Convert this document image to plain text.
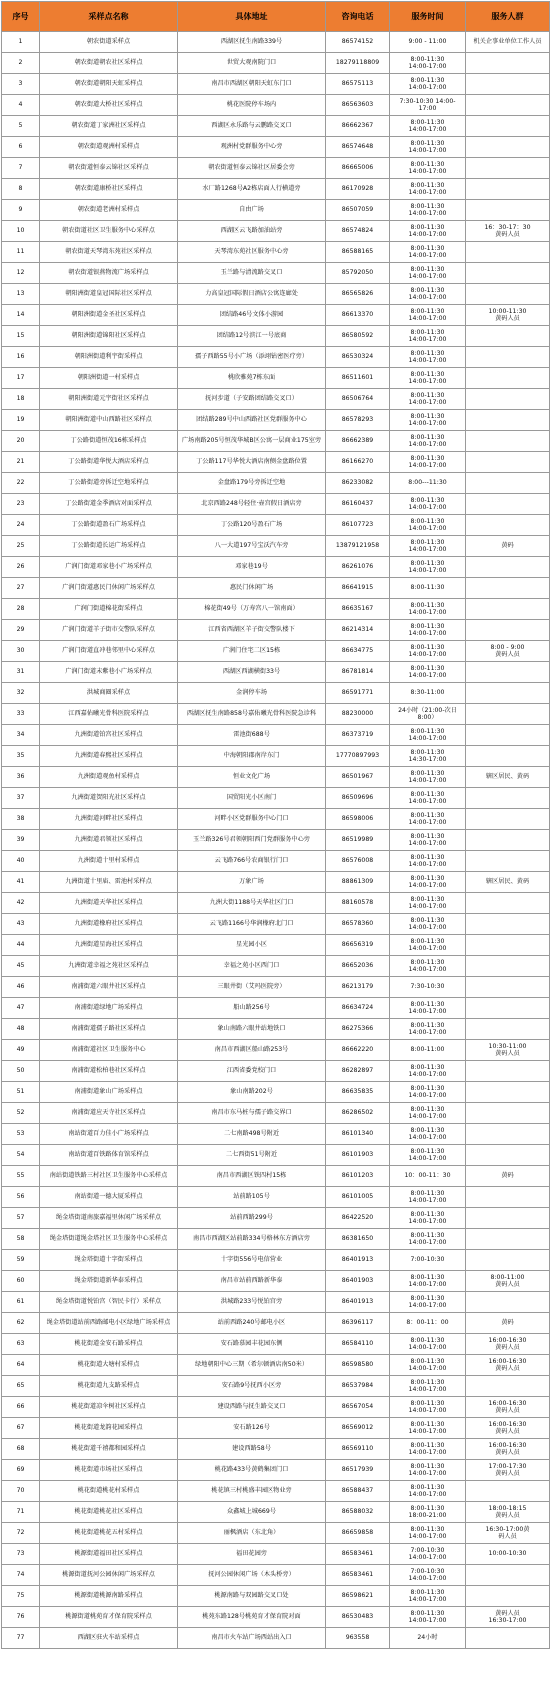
序号	采样点名称	具体地址	咨询电话	服务时间	服务人群
1	朝农街道采样点	西湖区抚生南路339号	86574152	9:00 - 11:00	机关企事业单位工作人员
2	朝农街道朝农社区采样点	世贸大观南院门口	18279118809	8:00-11:30
14:00-17:00	
3	朝农街道朝阳天虹采样点	南昌市西湖区朝阳天虹东门口	86575113	8:00-11:30
14:00-17:00	
4	朝农街道大桥社区采样点	桃花医院停车场内	86563603	7:30-10:30 14:00-17:00	
5	朝农街道丁家洲社区采样点	西湖区永乐路与云鹏路交叉口	86662367	8:00-11:30
14:00-17:00	
6	朝农街道观洲村采样点	观洲村党群服务中心旁	86574648	8:00-11:30
14:00-17:00	
7	朝农街道恒泰云锦社区采样点	朝农街道恒泰云锦社区居委会旁	86665006	8:00-11:30
14:00-17:00	
8	朝农街道康桥社区采样点	水厂路1268号A2栋店面人行横道旁	86170928	8:00-11:30
14:00-17:00	
9	朝农街道老洲村采样点	自由广场	86507059	8:00-11:30
14:00-17:00	
10	朝农街道社区卫生服务中心采样点	西湖区云飞路加油站旁	86574824	8:00-11:30
14:00-17:00	16：30-17：30
黄码人员
11	朝农街道天琴湾东苑社区采样点	天琴湾东苑社区服务中心旁	86588165	8:00-11:30
14:00-17:00	
12	朝农街道银燕物流广场采样点	玉兰路与清流路交叉口	85792050	8:00-11:30
14:00-17:00	
13	朝阳洲街道皇冠国际社区采样点	力高皇冠国际假日酒店公寓连廊处	86565826	8:00-11:30
14:00-17:00	
14	朝阳洲街道金圣社区采样点	团结路46号文体小游园	86613370	8:00-11:30
14:00-17:00	10:00-11:30
黄码人员
15	朝阳洲街道锦阳社区采样点	团结路12号滨江一号底商	86580592	8:00-11:30
14:00-17:00	
16	朝阳洲街道利宇街采样点	孺子西路55号小广场（添翊钻密医疗旁）	86530324	8:00-11:30
14:00-17:00	
17	朝阳洲街道一村采样点	桃欣雅苑7栋东面	86511601	8:00-11:30
14:00-17:00	
18	朝阳洲街道元宇街社区采样点	抚河步道（子安路团结路交叉口）	86506764	8:00-11:30
14:00-17:00	
19	朝阳洲街道中山西路社区采样点	团结路289号中山西路社区党群服务中心	86578293	8:00-11:30
14:00-17:00	
20	丁公路街道恒茂16栋采样点	广场南路205号恒茂华城B区公寓一层商业175室旁	86662389	8:00-11:30
14:00-17:00	
21	丁公路街道华悦大酒店采样点	丁公路117号华悦大酒店南侧金盘路位置	86166270	8:00-11:30
14:00-17:00	
22	丁公路街道旁拆迁空地采样点	金盘路179号旁拆迁空地	86233082	8:00---11:30	
23	丁公路街道金季酒店对面采样点	北京西路248号轻住·壶宫假日酒店旁	86160437	8:00-11:30
14:00-17:00	
24	丁公路街道盈石广场采样点	丁公路120号盈石广场	86107723	8:00-11:30
14:00-17:00	
25	丁公路街道长运广场采样点	八一大道197号宝沃汽车旁	13879121958	8:00-11:30
14:00-17:00	黄码
26	广润门街道邓家巷小广场采样点	邓家巷19号	86261076	8:00-11:30
14:00-17:00	
27	广润门街道惠民门休闲广场采样点	惠民门休闲广场	86641915	8:00-11:30	
28	广润门街道棉花街采样点	棉花街49号（万寿宫八一馆南面）	86635167	8:00-11:30
14:00-17:00	
29	广润门街道羊子街市交警队采样点	江西省西湖区羊子街交警队楼下	86214314	8:00-11:30
14:00-17:00	
30	广润门街道直冲巷邻里中心采样点	广润门住宅二区15栋	86634775	8:00-11:30
14:00-17:00	8:00 - 9:00
黄码人员
31	广润门街道末紫巷小广场采样点	西湖区西湖横街33号	86781814	8:00-11:30
14:00-17:00	
32	洪城商圈采样点	金润停车场	86591771	8:30-11:00	
33	江西嘉佑曦光骨科医院采样点	西湖区抚生南路858号嘉佑曦光骨科医院急诊科	88230000	24小时（21:00-次日8:00）	
34	九洲街道铂宫社区采样点	雷池街688号	86373719	8:00-11:30
14:00-17:00	
35	九洲街道春熙社区采样点	中海朝阳郡南岸东门	17770897993	8:00-11:30
14:30-17:00	
36	九洲街道观鱼村采样点	恒业文化广场	86501967	8:00-11:30
14:00-17:00	辖区居民、黄码
37	九洲街道贺阳光社区采样点	国贸阳光小区南门	86509696	8:00-11:30
14:00-17:00	
38	九洲街道河畔社区采样点	河畔小区党群服务中心门口	86598006	8:00-11:30
14:00-17:00	
39	九洲街道君领社区采样点	玉兰路326号君领朝阳西门党群服务中心旁	86519989	8:00-11:30
14:00-17:00	
40	九洲街道十里村采样点	云飞路766号农商银行门口	86576008	8:00-11:30
14:00-17:00	
41	九洲街道十里庙、雷池村采样点	万象广场	88861309	8:00-11:30
14:00-17:00	辖区居民、黄码
42	九洲街道天华社区采样点	九洲大街1188号天华社区门口	88160578	8:00-11:30
14:00-17:00	
43	九洲街道橡府社区采样点	云飞路1166号华润橡府北门口	86578360	8:00-11:30
14:00-17:00	
44	九洲街道星海社区采样点	星光园小区	86656319	8:00-11:30
14:00-17:00	
45	九洲街道幸福之苑社区采样点	幸福之苑小区西门口	86652036	8:00-11:30
14:00-17:00	
46	南浦街道六眼井社区采样点	三眼井街（艾玛医院旁）	86213179	7:30-10:30	
47	南浦街道绿地广场采样点	船山路256号	86634724	8:00-11:30
14:00-17:00	
48	南浦街道孺子路社区采样点	象山南路六眼井站地铁口	86275366	8:00-11:30
14:00-17:00	
49	南浦街道社区卫生服务中心	南昌市西湖区船山路253号	86662220	8:00-11:00	10:30-11:00
黄码人员
50	南浦街道松柏巷社区采样点	江西省委党校门口	86282897	8:00-11:30
14:00-17:00	
51	南浦街道象山广场采样点	象山南路202号	86635835	8:00-11:30
14:00-17:00	
52	南浦街道应天寺社区采样点	南昌市东马桩与孺子路交界口	86286502	8:00-11:30
14:00-17:00	
53	南站街道百力佳小广场采样点	二七南路498号附近	86101340	8:00-11:30
14:00-17:00	
54	南站街道百铁路体育馆采样点	二七西街51号附近	86101903	8:00-11:30
14:00-17:00	
55	南站街道铁路三村社区卫生服务中心采样点	南昌市西湖区铁四村15栋	86101203	10：00-11：30	黄码
56	南站街道一德大厦采样点	站前路105号	86101005	8:00-11:30
14:00-17:00	
57	绳金塔街道南旅嘉福里休闲广场采样点	站前西路299号	86422520	8:00-11:30
14:00-17:00	
58	绳金塔街道绳金塔社区卫生服务中心采样点	南昌市西湖区站前路334号格林东方酒店旁	86381650	8:00-11:30
14:00-17:00	
59	绳金塔街道十字街采样点	十字街556号电信营业	86401913	7:00-10:30	
60	绳金塔街道新华泰采样点	南昌市站前西路新华泰	86401903	8:00-11:30
14:00-17:00	8:00-11:00
黄码人员
61	绳金塔街道悦铂宫（智民卡行）采样点	洪城路233号悦铂宫旁	86401913	8:00-11:30
14:00-17:00	
62	绳金塔街道站前西路邮电小区绿地广场采样点	站前西路240号邮电小区	86396117	8：00-11：00	黄码
63	桃花街道金安石路采样点	安石路慕园丰花园东侧	86584110	8:00-11:30
14:00-17:00	16:00-16:30
黄码人员
64	桃花街道大塘村采样点	绿地朝阳中心三期（希尔顿酒店南50米）	86598580	8:00-11:30
14:00-17:00	16:00-16:30
黄码人员
65	桃花街道九支路采样点	安石路9号抚西小区旁	86537984	8:00-11:30
14:00-17:00	
66	桃花街道凉伞树社区采样点	建设西路与抚生路交叉口	86567054	8:00-11:30
14:00-17:00	16:00-16:30
黄码人员
67	桃花街道龙韵花园采样点	安石路126号	86569012	8:00-11:30
14:00-17:00	16:00-16:30
黄码人员
68	桃花街道千禧都和园采样点	建设西路58号	86569110	8:00-11:30
14:00-17:00	16:00-16:30
黄码人员
69	桃花街道市场社区采样点	桃花路433号黄鹤集团门口	86517939	8:00-11:30
14:00-17:00	17:00-17:30
黄码人员
70	桃花街道桃花村采样点	桃花镇三村桃盛丰园区物业旁	86588437	8:00-11:30
14:00-17:00	
71	桃花街道桃花社区采样点	众鑫城上城669号	86588032	8:00-11:30
18:00-21:00	18:00-18:15
黄码人员
72	桃花街道桃花五村采样点	丽枫酒店（东北角）	86659858	8:00-11:30
14:00-17:00	16:30-17:00黄
码人员
73	桃源街道福田社区采样点	福田花园旁	86583461	7:00-10:30
14:00-17:00	10:00-10:30
74	桃源街道抚河公园休闲广场采样点	抚河公园休闲广场（木头桥旁）	86583461	7:00-10:30
14:00-17:00	
75	桃源街道桃源南路采样点	桃源南路与双园路交叉口处	86598621	8:00-11:30
14:00-17:00	
76	桃源街道桃苑育才保育院采样点	桃苑东路128号桃苑育才保育院对面	86530483	8:00-11:30
14:00-17:00	黄码人员
16:30-17:00
77	西湖区驻火车站采样点	南昌市火车站广场西站出入口	963558	24小时	
